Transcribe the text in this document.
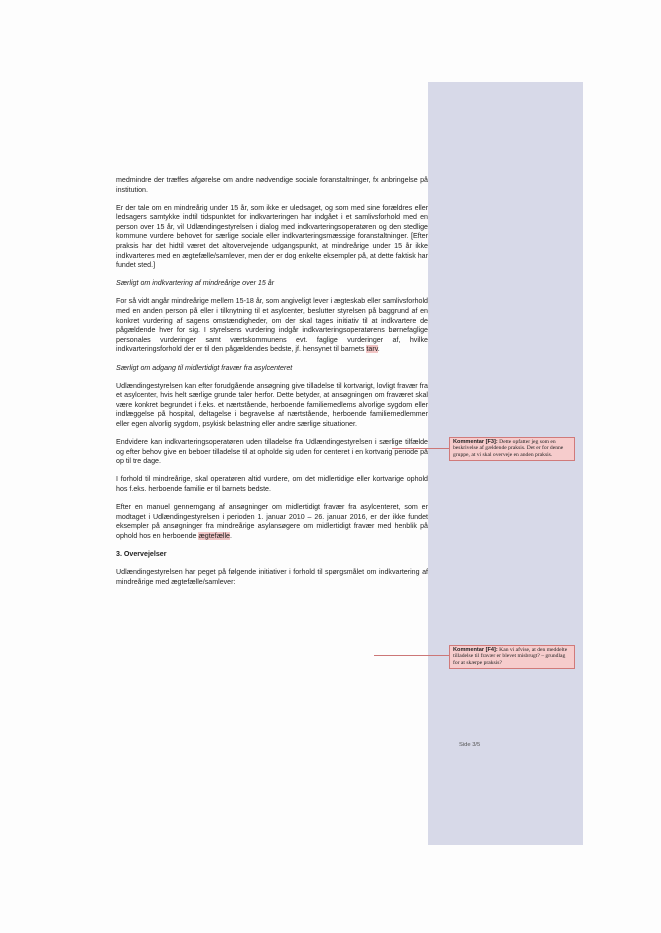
medmindre der træffes afgørelse om andre nødvendige sociale foranstaltninger, fx anbringelse på institution.

Er der tale om en mindreårig under 15 år, som ikke er uledsaget, og som med sine forældres eller ledsagers samtykke indtil tidspunktet for indkvarteringen har indgået i et samlivsforhold med en person over 15 år, vil Udlændingestyrelsen i dialog med indkvarteringsoperatøren og den stedlige kommune vurdere behovet for særlige sociale eller indkvarteringsmæssige foranstaltninger. [Efter praksis har det hidtil været det altovervejende udgangspunkt, at mindreårige under 15 år ikke indkvarteres med en ægtefælle/samlever, men der er dog enkelte eksempler på, at dette faktisk har fundet sted.]

Særligt om indkvartering af mindreårige over 15 år

For så vidt angår mindreårige mellem 15-18 år, som angiveligt lever i ægteskab eller samlivsforhold med en anden person på eller i tilknytning til et asylcenter, beslutter styrelsen på baggrund af en konkret vurdering af sagens omstændigheder, om der skal tages initiativ til at indkvartere de pågældende hver for sig. I styrelsens vurdering indgår indkvarteringsoperatørens børnefaglige personales vurderinger samt værtskommunens evt. faglige vurderinger af, hvilke indkvarteringsforhold der er til den pågældendes bedste, jf. hensynet til barnets tarv.

Særligt om adgang til midlertidigt fravær fra asylcenteret

Udlændingestyrelsen kan efter forudgående ansøgning give tilladelse til kortvarigt, lovligt fravær fra et asylcenter, hvis helt særlige grunde taler herfor. Dette betyder, at ansøgningen om fraværet skal være konkret begrundet i f.eks. et nærtstående, herboende familiemedlems alvorlige sygdom eller indlæggelse på hospital, deltagelse i begravelse af nærtstående, herboende familiemedlemmer eller egen alvorlig sygdom, psykisk belastning eller andre særlige situationer.

Endvidere kan indkvarteringsoperatøren uden tilladelse fra Udlændingestyrelsen i særlige tilfælde og efter behov give en beboer tilladelse til at opholde sig uden for centeret i en kortvarig periode på op til tre dage.

I forhold til mindreårige, skal operatøren altid vurdere, om det midlertidige eller kortvarige ophold hos f.eks. herboende familie er til barnets bedste.

Efter en manuel gennemgang af ansøgninger om midlertidigt fravær fra asylcenteret, som er modtaget i Udlændingestyrelsen i perioden 1. januar 2010 – 26. januar 2016, er der ikke fundet eksempler på ansøgninger fra mindreårige asylansøgere om midlertidigt fravær med henblik på ophold hos en herboende ægtefælle.

3. Overvejelser

Udlændingestyrelsen har peget på følgende initiativer i forhold til spørgsmålet om indkvartering af mindreårige med ægtefælle/samlever:

Kommentar [F3]: Dette opfatter jeg som en beskrivelse af gældende praksis. Det er for denne gruppe, at vi skal overveje en anden praksis.
Kommentar [F4]: Kan vi afvise, at den meddelte tilladelse til fravær er blevet misbrugt? – grundlag for at skærpe praksis?
Side 3/5
